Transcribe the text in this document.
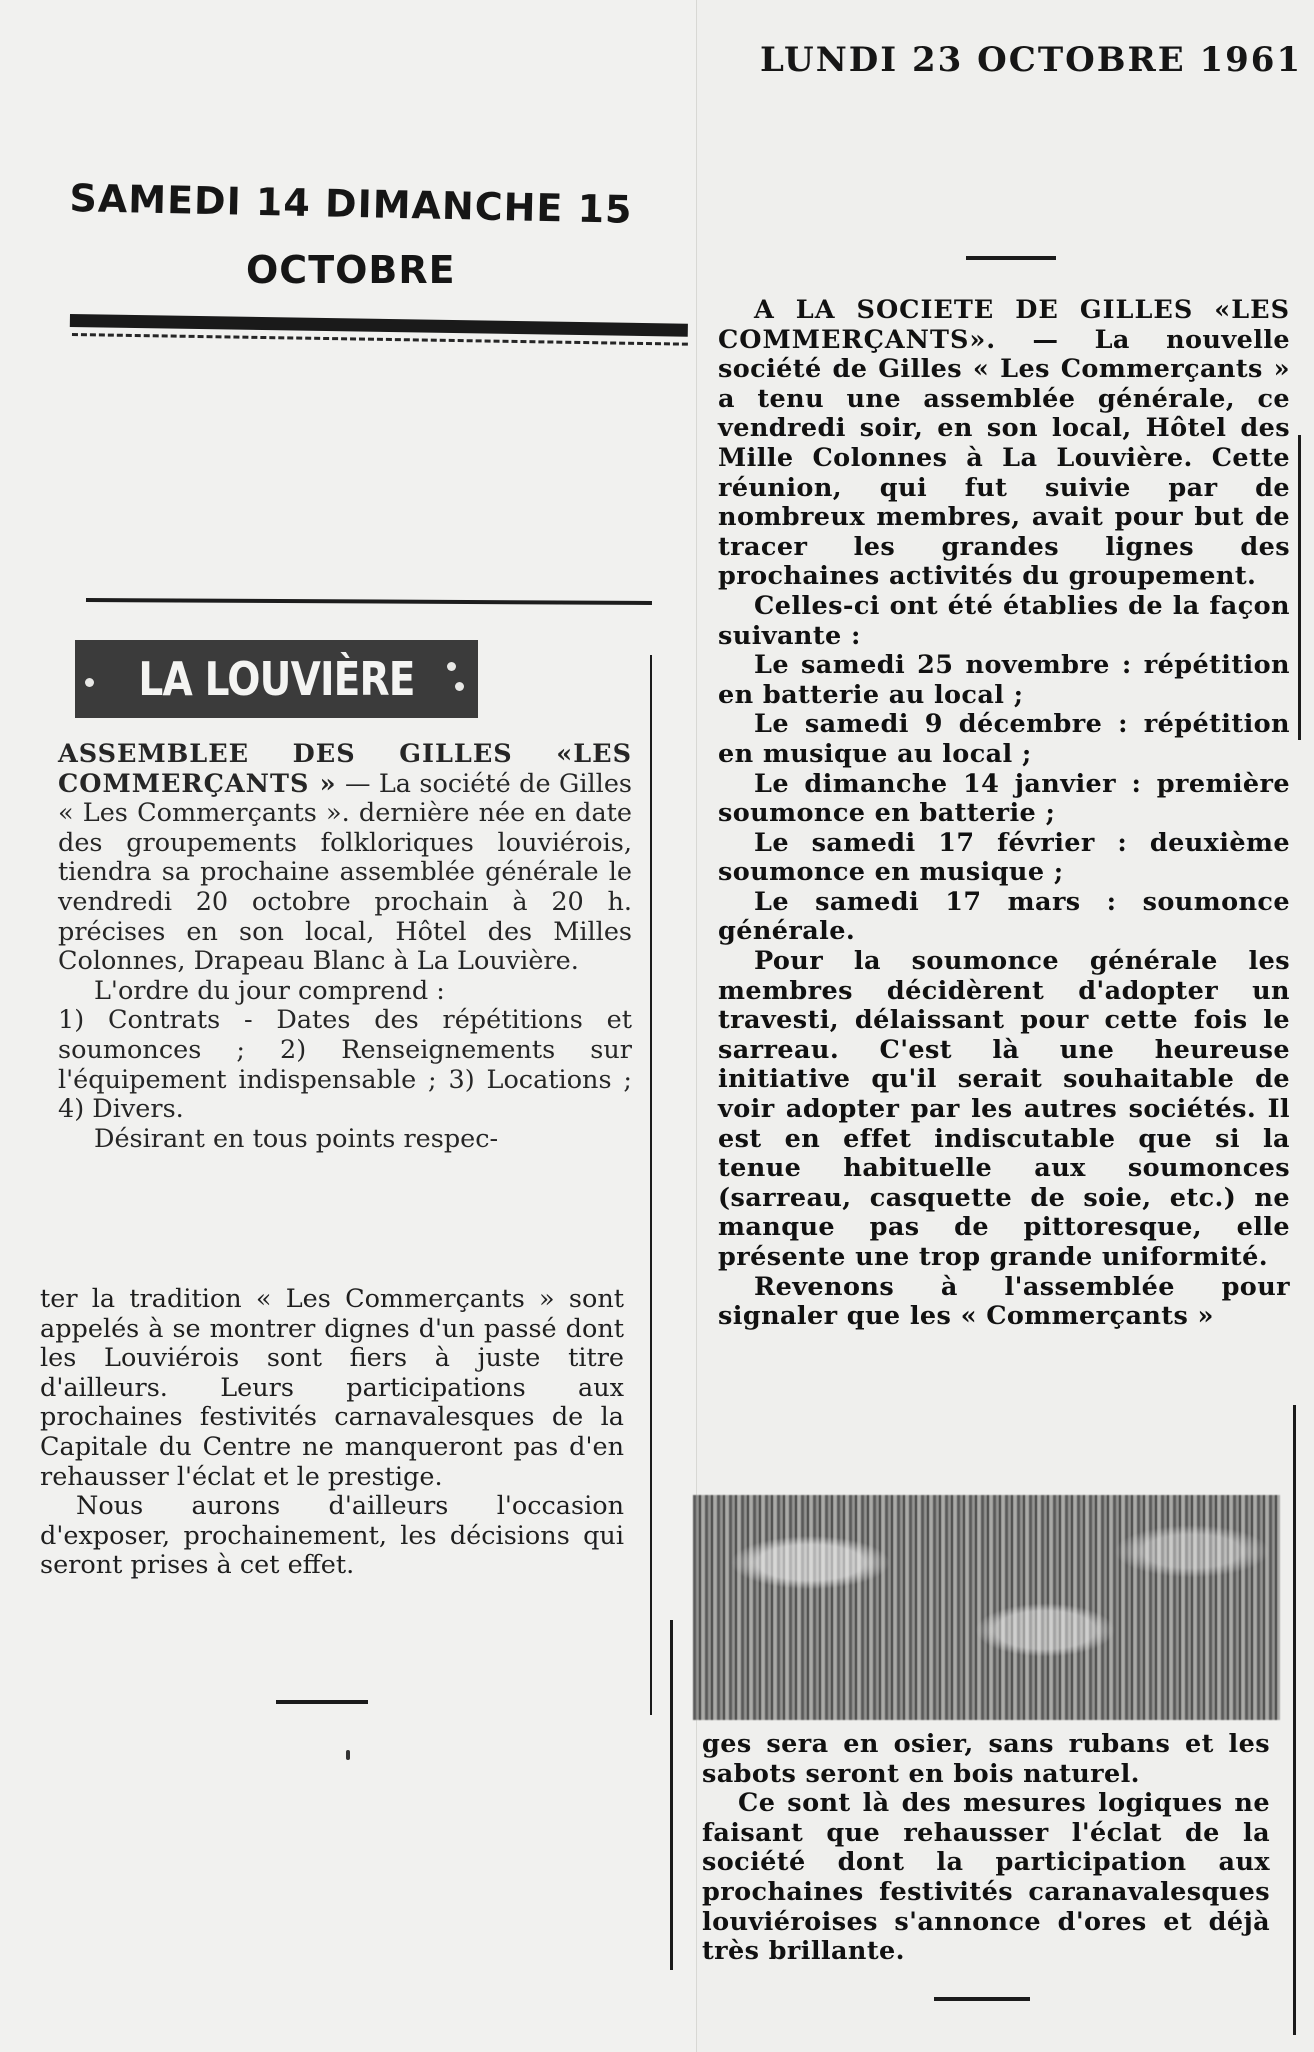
LUNDI 23 OCTOBRE 1961
SAMEDI 14 DIMANCHE 15
OCTOBRE
LA LOUVIÈRE

ASSEMBLEE DES GILLES «LES COMMERÇANTS » — La société de Gilles « Les Commerçants ». dernière née en date des groupements folkloriques louviérois, tiendra sa prochaine assemblée générale le vendredi 20 octobre prochain à 20 h. précises en son local, Hôtel des Milles Colonnes, Drapeau Blanc à La Louvière.

L'ordre du jour comprend :

1) Contrats - Dates des répétitions et soumonces ; 2) Renseignements sur l'équipement indispensable ; 3) Locations ; 4) Divers.

Désirant en tous points respec-

ter la tradition « Les Commerçants » sont appelés à se montrer dignes d'un passé dont les Louviérois sont fiers à juste titre d'ailleurs. Leurs participations aux prochaines festivités carnavalesques de la Capitale du Centre ne manqueront pas d'en rehausser l'éclat et le prestige.

Nous aurons d'ailleurs l'occasion d'exposer, prochainement, les décisions qui seront prises à cet effet.

A LA SOCIETE DE GILLES «LES COMMERÇANTS». — La nouvelle société de Gilles « Les Commerçants » a tenu une assemblée générale, ce vendredi soir, en son local, Hôtel des Mille Colonnes à La Louvière. Cette réunion, qui fut suivie par de nombreux membres, avait pour but de tracer les grandes lignes des prochaines activités du groupement.

Celles-ci ont été établies de la façon suivante :

Le samedi 25 novembre : répétition en batterie au local ;

Le samedi 9 décembre : répétition en musique au local ;

Le dimanche 14 janvier : première soumonce en batterie ;

Le samedi 17 février : deuxième soumonce en musique ;

Le samedi 17 mars : soumonce générale.

Pour la soumonce générale les membres décidèrent d'adopter un travesti, délaissant pour cette fois le sarreau. C'est là une heureuse initiative qu'il serait souhaitable de voir adopter par les autres sociétés. Il est en effet indiscutable que si la tenue habituelle aux soumonces (sarreau, casquette de soie, etc.) ne manque pas de pittoresque, elle présente une trop grande uniformité.

Revenons à l'assemblée pour signaler que les « Commerçants »

ges sera en osier, sans rubans et les sabots seront en bois naturel.

Ce sont là des mesures logiques ne faisant que rehausser l'éclat de la société dont la participation aux prochaines festivités caranavalesques louviéroises s'annonce d'ores et déjà très brillante.
